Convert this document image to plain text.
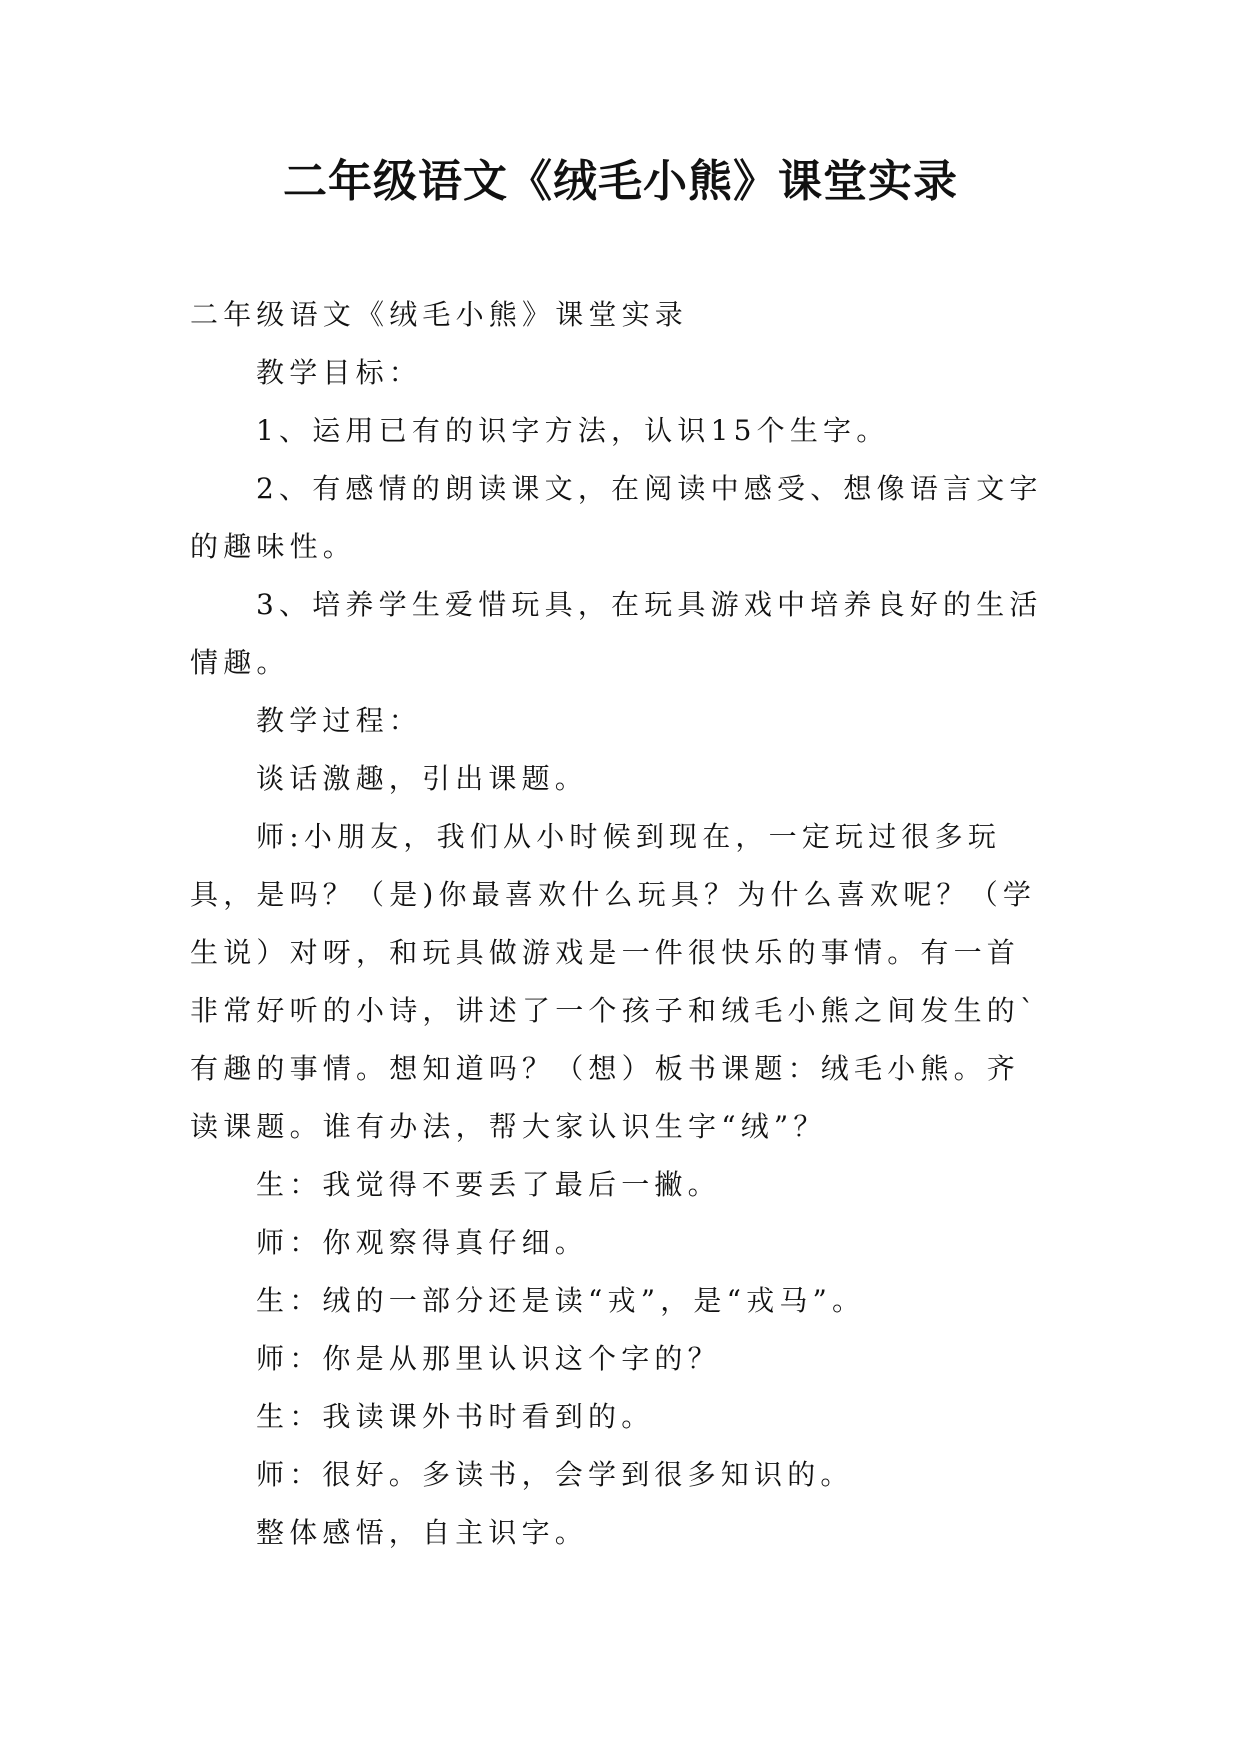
二年级语文《绒毛小熊》课堂实录

二年级语文《绒毛小熊》课堂实录

教学目标：

1、运用已有的识字方法，认识15个生字。

2、有感情的朗读课文，在阅读中感受、想像语言文字的趣味性。

3、培养学生爱惜玩具，在玩具游戏中培养良好的生活情趣。

教学过程：

谈话激趣，引出课题。

师:小朋友，我们从小时候到现在，一定玩过很多玩具，是吗？（是)你最喜欢什么玩具？为什么喜欢呢？（学生说）对呀，和玩具做游戏是一件很快乐的事情。有一首非常好听的小诗，讲述了一个孩子和绒毛小熊之间发生的`有趣的事情。想知道吗？（想）板书课题：绒毛小熊。齐读课题。谁有办法，帮大家认识生字“绒”？

生：我觉得不要丢了最后一撇。

师：你观察得真仔细。

生：绒的一部分还是读“戎”，是“戎马”。

师：你是从那里认识这个字的？

生：我读课外书时看到的。

师：很好。多读书，会学到很多知识的。

整体感悟，自主识字。
